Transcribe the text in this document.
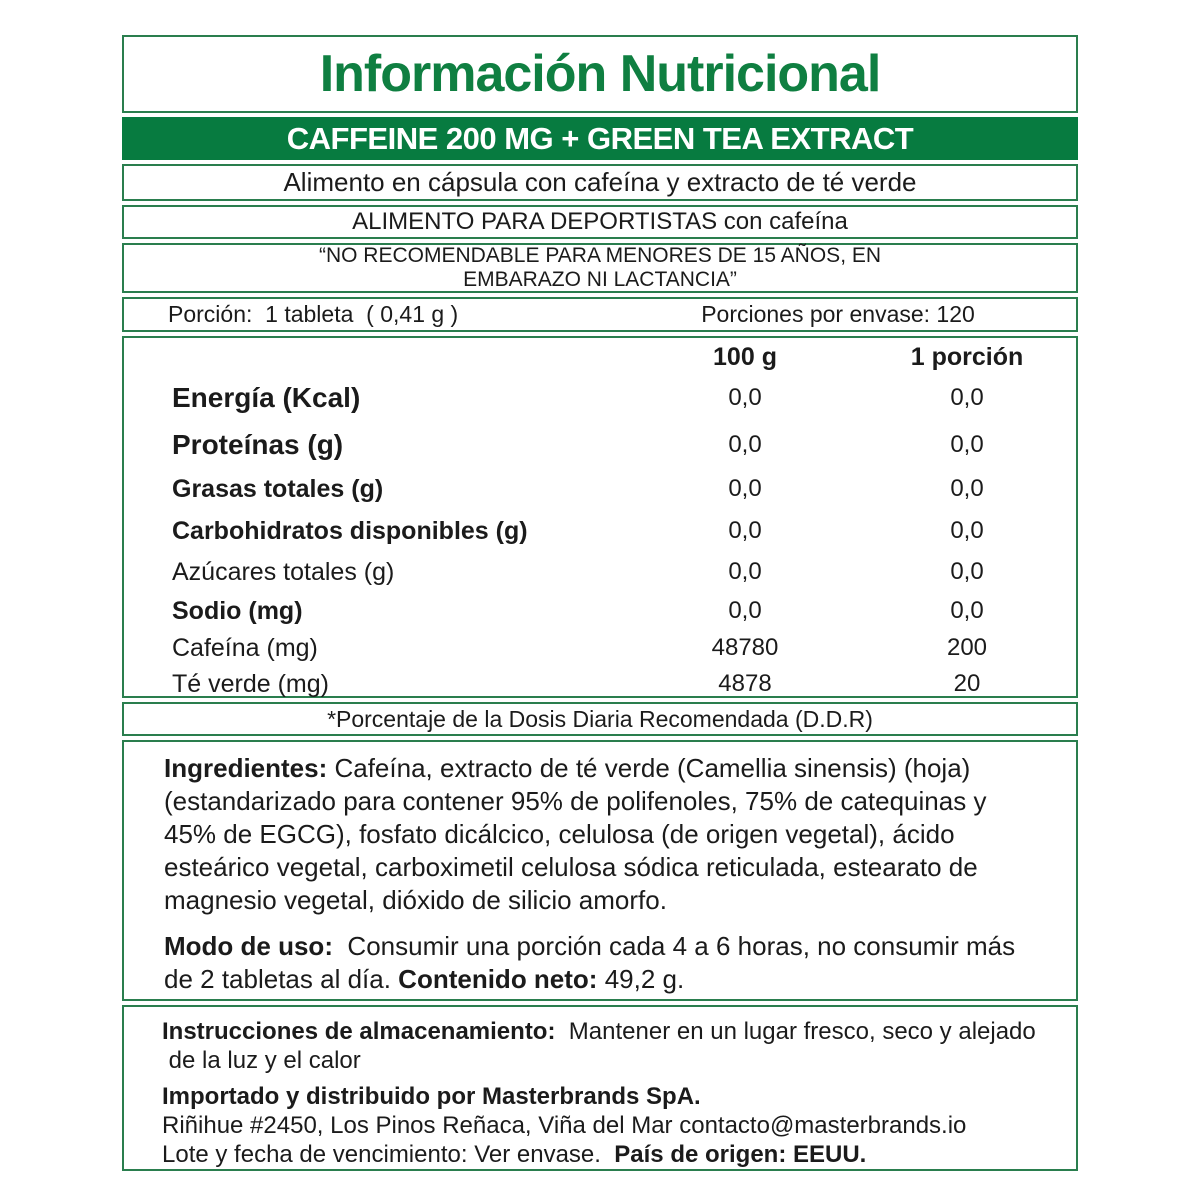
Información Nutricional
CAFFEINE 200 MG + GREEN TEA EXTRACT
Alimento en cápsula con cafeína y extracto de té verde
ALIMENTO PARA DEPORTISTAS con cafeína
“NO RECOMENDABLE PARA MENORES DE 15 AÑOS, EN
EMBARAZO NI LACTANCIA”
Porción:  1 tableta  ( 0,41 g )	Porciones por envase: 120
100 g	1 porción
Energía (Kcal)	0,0	0,0
Proteínas (g)	0,0	0,0
Grasas totales (g)	0,0	0,0
Carbohidratos disponibles (g)	0,0	0,0
Azúcares totales (g)	0,0	0,0
Sodio (mg)	0,0	0,0
Cafeína (mg)	48780	200
Té verde (mg)	4878	20
*Porcentaje de la Dosis Diaria Recomendada (D.D.R)

Ingredientes: Cafeína, extracto de té verde (Camellia sinensis) (hoja) (estandarizado para contener 95% de polifenoles, 75% de catequinas y 45% de EGCG), fosfato dicálcico, celulosa (de origen vegetal), ácido esteárico vegetal, carboximetil celulosa sódica reticulada, estearato de magnesio vegetal, dióxido de silicio amorfo.

Modo de uso:  Consumir una porción cada 4 a 6 horas, no consumir más de 2 tabletas al día. Contenido neto: 49,2 g.

Instrucciones de almacenamiento:  Mantener en un lugar fresco, seco y alejado

de la luz y el calor

Importado y distribuido por Masterbrands SpA.

Riñihue #2450, Los Pinos Reñaca, Viña del Mar contacto@masterbrands.io

Lote y fecha de vencimiento: Ver envase.  País de origen: EEUU.
